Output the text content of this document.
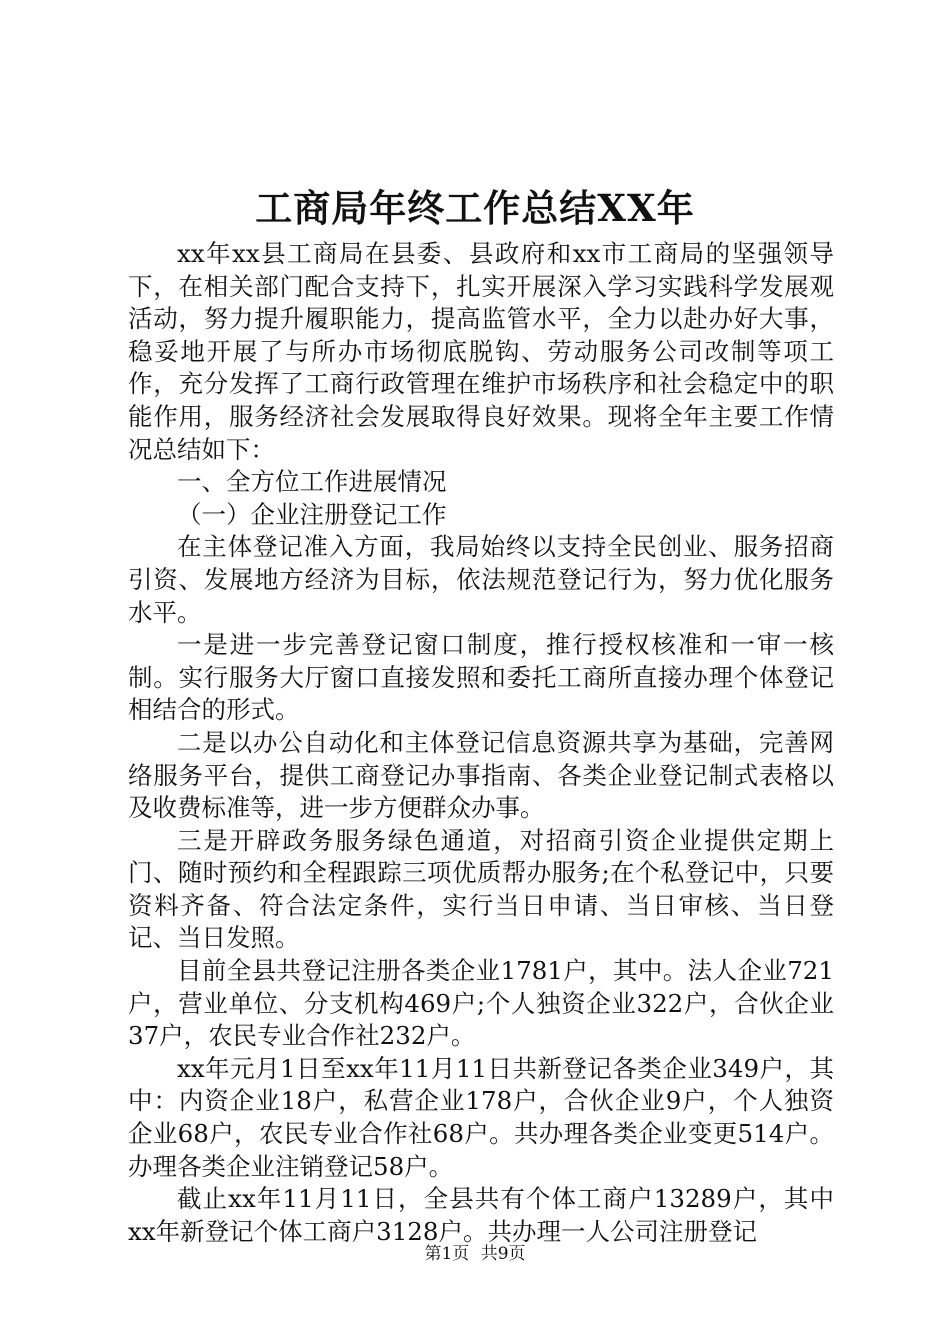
工商局年终工作总结XX年

xx年xx县工商局在县委、县政府和xx市工商局的坚强领导下，在相关部门配合支持下，扎实开展深入学习实践科学发展观活动，努力提升履职能力，提高监管水平，全力以赴办好大事，稳妥地开展了与所办市场彻底脱钩、劳动服务公司改制等项工作，充分发挥了工商行政管理在维护市场秩序和社会稳定中的职能作用，服务经济社会发展取得良好效果。现将全年主要工作情况总结如下：

一、全方位工作进展情况

（一）企业注册登记工作

在主体登记准入方面，我局始终以支持全民创业、服务招商引资、发展地方经济为目标，依法规范登记行为，努力优化服务水平。

一是进一步完善登记窗口制度，推行授权核准和一审一核制。实行服务大厅窗口直接发照和委托工商所直接办理个体登记相结合的形式。

二是以办公自动化和主体登记信息资源共享为基础，完善网络服务平台，提供工商登记办事指南、各类企业登记制式表格以及收费标准等，进一步方便群众办事。

三是开辟政务服务绿色通道，对招商引资企业提供定期上门、随时预约和全程跟踪三项优质帮办服务;在个私登记中，只要资料齐备、符合法定条件，实行当日申请、当日审核、当日登记、当日发照。

目前全县共登记注册各类企业1781户，其中。法人企业721户，营业单位、分支机构469户;个人独资企业322户，合伙企业37户，农民专业合作社232户。

xx年元月1日至xx年11月11日共新登记各类企业349户，其中：内资企业18户，私营企业178户，合伙企业9户，个人独资企业68户，农民专业合作社68户。共办理各类企业变更514户。办理各类企业注销登记58户。

截止xx年11月11日，全县共有个体工商户13289户，其中xx年新登记个体工商户3128户。共办理一人公司注册登记

第1页 共9页
